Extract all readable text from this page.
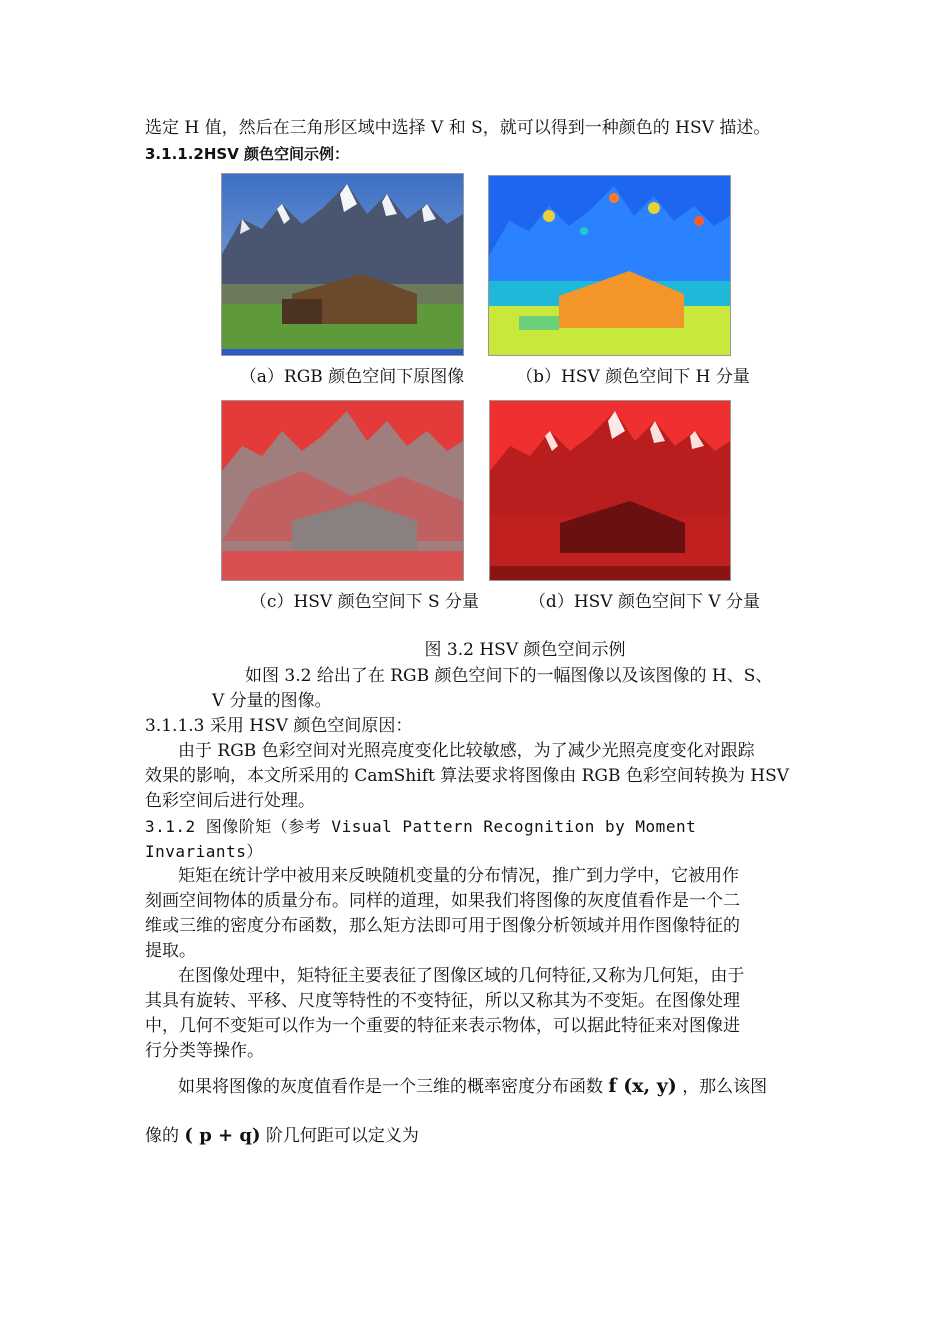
选定 H 值，然后在三角形区域中选择 V 和 S，就可以得到一种颜色的 HSV 描述。
3.1.1.2HSV 颜色空间示例：
（a）RGB 颜色空间下原图像	（b）HSV 颜色空间下 H 分量
（c）HSV 颜色空间下 S 分量	（d）HSV 颜色空间下 V 分量
图 3.2 HSV 颜色空间示例
如图 3.2 给出了在 RGB 颜色空间下的一幅图像以及该图像的 H、S、
V 分量的图像。
3.1.1.3 采用 HSV 颜色空间原因：
由于 RGB 色彩空间对光照亮度变化比较敏感，为了减少光照亮度变化对跟踪
效果的影响，本文所采用的 CamShift 算法要求将图像由 RGB 色彩空间转换为 HSV
色彩空间后进行处理。
3.1.2 图像阶矩（参考 Visual Pattern Recognition by Moment
Invariants）
矩矩在统计学中被用来反映随机变量的分布情况，推广到力学中，它被用作
刻画空间物体的质量分布。同样的道理，如果我们将图像的灰度值看作是一个二
维或三维的密度分布函数，那么矩方法即可用于图像分析领域并用作图像特征的
提取。
在图像处理中，矩特征主要表征了图像区域的几何特征,又称为几何矩，由于
其具有旋转、平移、尺度等特性的不变特征，所以又称其为不变矩。在图像处理
中，几何不变矩可以作为一个重要的特征来表示物体，可以据此特征来对图像进
行分类等操作。
如果将图像的灰度值看作是一个三维的概率密度分布函数 f (x, y) ，那么该图
像的 ( p + q) 阶几何距可以定义为
